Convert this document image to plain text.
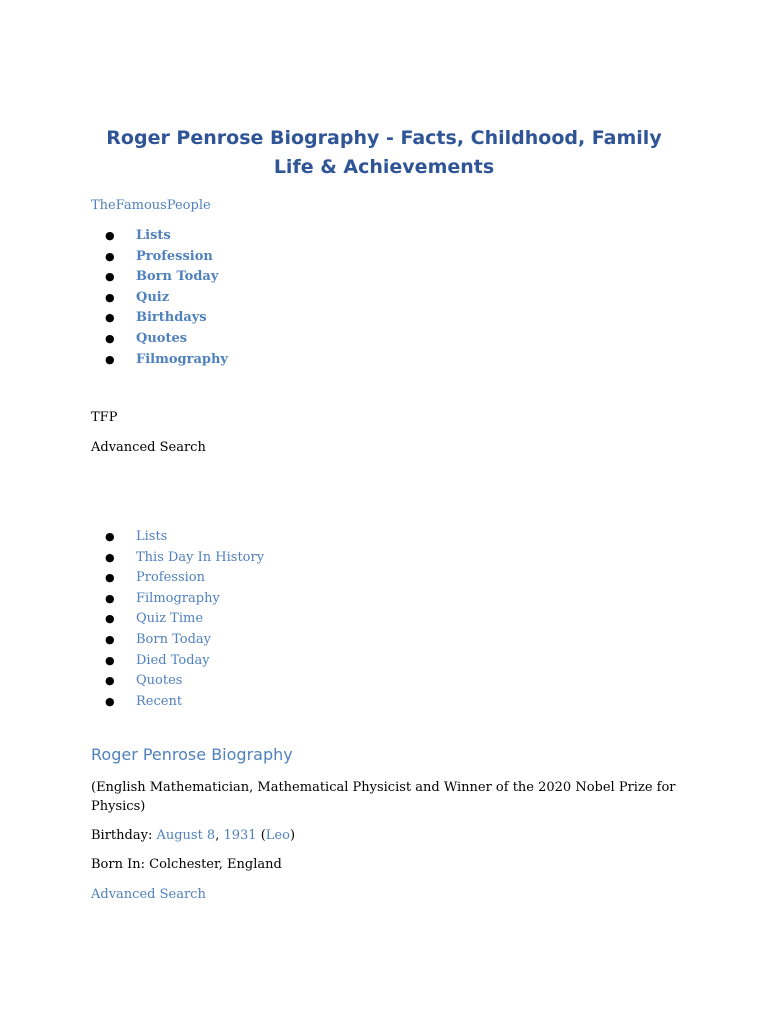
Roger Penrose Biography - Facts, Childhood, Family Life & Achievements
TheFamousPeople
● Lists
● Profession
● Born Today
● Quiz
● Birthdays
● Quotes
● Filmography
TFP
Advanced Search
● Lists
● This Day In History
● Profession
● Filmography
● Quiz Time
● Born Today
● Died Today
● Quotes
● Recent
Roger Penrose Biography
(English Mathematician, Mathematical Physicist and Winner of the 2020 Nobel Prize for Physics)
Birthday: August 8, 1931 (Leo)
Born In: Colchester, England
Advanced Search
